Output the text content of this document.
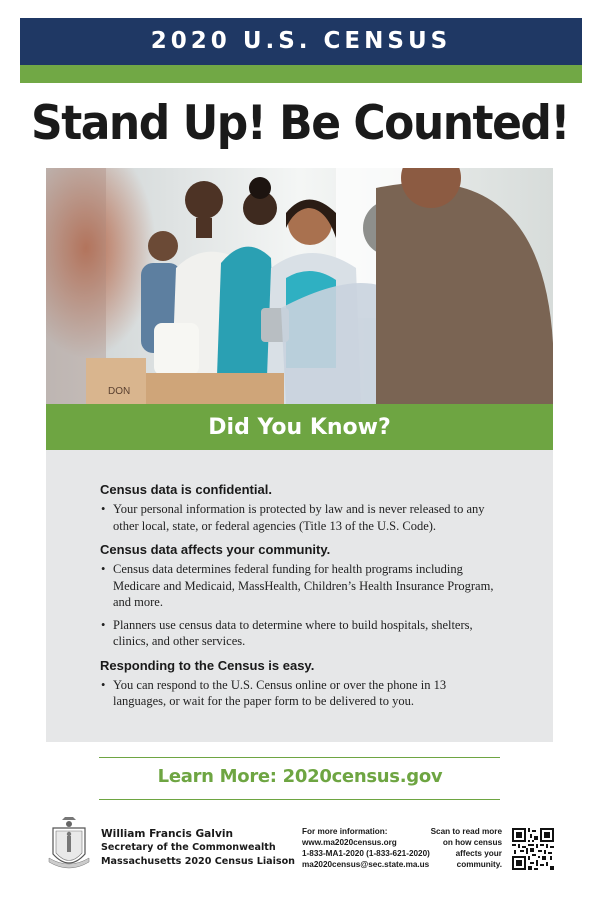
2020 U.S. CENSUS
Stand Up! Be Counted!
DON
Did You Know?
Census data is confidential.
• Your personal information is protected by law and is never released to any other local, state, or federal agencies (Title 13 of the U.S. Code).
Census data affects your community.
• Census data determines federal funding for health programs including Medicare and Medicaid, MassHealth, Children’s Health Insurance Program, and more.
• Planners use census data to determine where to build hospitals, shelters, clinics, and other services.
Responding to the Census is easy.
• You can respond to the U.S. Census online or over the phone in 13 languages, or wait for the paper form to be delivered to you.
Learn More: 2020census.gov
William Francis Galvin
Secretary of the Commonwealth
Massachusetts 2020 Census Liaison
For more information:
www.ma2020census.org
1-833-MA1-2020 (1-833-621-2020)
ma2020census@sec.state.ma.us
Scan to read more
on how census
affects your
community.
